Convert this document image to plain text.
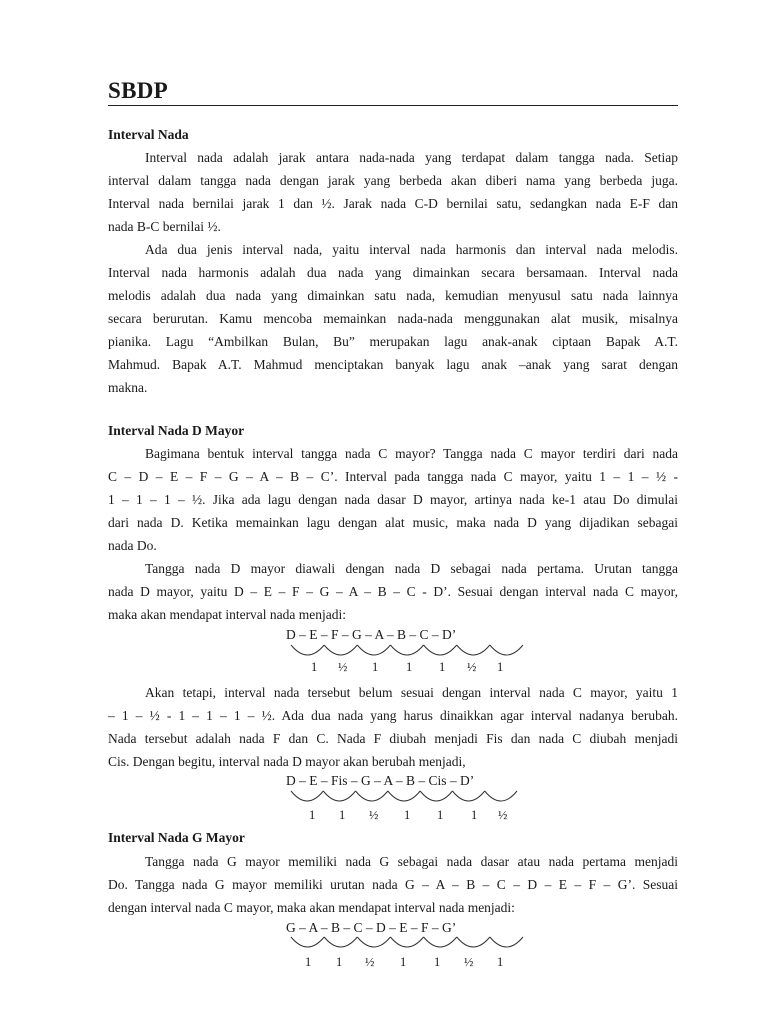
SBDP
Interval Nada
Interval nada adalah jarak antara nada-nada yang terdapat dalam tangga nada. Setiap
interval dalam tangga nada dengan jarak yang berbeda akan diberi nama yang berbeda juga.
Interval nada bernilai jarak 1 dan ½. Jarak nada C-D bernilai satu, sedangkan nada E-F dan
nada B-C bernilai ½.
Ada dua jenis interval nada, yaitu interval nada harmonis dan interval nada melodis.
Interval nada harmonis adalah dua nada yang dimainkan secara bersamaan. Interval nada
melodis adalah dua nada yang dimainkan satu nada, kemudian menyusul satu nada lainnya
secara berurutan. Kamu mencoba memainkan nada-nada menggunakan alat musik, misalnya
pianika. Lagu “Ambilkan Bulan, Bu” merupakan lagu anak-anak ciptaan Bapak A.T.
Mahmud. Bapak A.T. Mahmud menciptakan banyak lagu anak –anak yang sarat dengan
makna.
Interval Nada D Mayor
Bagimana bentuk interval tangga nada C mayor? Tangga nada C mayor terdiri dari nada
C – D – E – F – G – A – B – C’. Interval pada tangga nada C mayor, yaitu 1 – 1 – ½ -
1 – 1 – 1 – ½. Jika ada lagu dengan nada dasar D mayor, artinya nada ke-1 atau Do dimulai
dari nada D. Ketika memainkan lagu dengan alat music, maka nada D yang dijadikan sebagai
nada Do.
Tangga nada D mayor diawali dengan nada D sebagai nada pertama. Urutan tangga
nada D mayor, yaitu D – E – F – G – A – B – C - D’. Sesuai dengan interval nada C mayor,
maka akan mendapat interval nada menjadi:
D – E – F – G – A – B – C – D’
1 ½ 1 1 1 ½ 1
Akan tetapi, interval nada tersebut belum sesuai dengan interval nada C mayor, yaitu 1
– 1 – ½ - 1 – 1 – 1 – ½. Ada dua nada yang harus dinaikkan agar interval nadanya berubah.
Nada tersebut adalah nada F dan C. Nada F diubah menjadi Fis dan nada C diubah menjadi
Cis. Dengan begitu, interval nada D mayor akan berubah menjadi,
D – E – Fis – G – A – B – Cis – D’
1 1 ½ 1 1 1 ½
Interval Nada G Mayor
Tangga nada G mayor memiliki nada G sebagai nada dasar atau nada pertama menjadi
Do. Tangga nada G mayor memiliki urutan nada G – A – B – C – D – E – F – G’. Sesuai
dengan interval nada C mayor, maka akan mendapat interval nada menjadi:
G – A – B – C – D – E – F – G’
1 1 ½ 1 1 ½ 1
